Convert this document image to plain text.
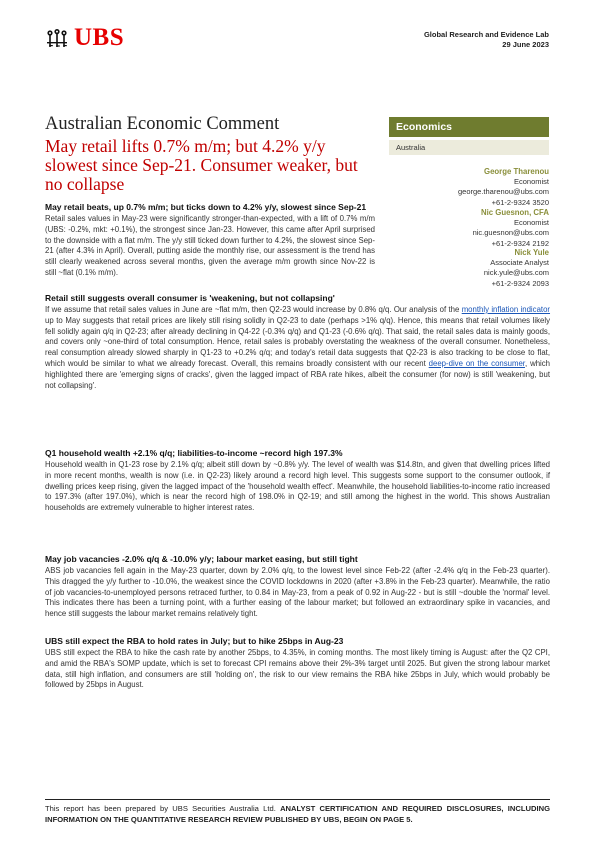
UBS	Global Research and Evidence Lab
29 June 2023
Australian Economic Comment
May retail lifts 0.7% m/m; but 4.2% y/y slowest since Sep-21. Consumer weaker, but no collapse
Economics
Australia
George Tharenou
Economist
george.tharenou@ubs.com
+61-2-9324 3520
Nic Guesnon, CFA
Economist
nic.guesnon@ubs.com
+61-2-9324 2192
Nick Yule
Associate Analyst
nick.yule@ubs.com
+61-2-9324 2093
May retail beats, up 0.7% m/m; but ticks down to 4.2% y/y, slowest since Sep-21
Retail sales values in May-23 were significantly stronger-than-expected, with a lift of 0.7% m/m (UBS: -0.2%, mkt: +0.1%), the strongest since Jan-23. However, this came after April surprised to the downside with a flat m/m. The y/y still ticked down further to 4.2%, the slowest since Sep-21 (after 4.3% in April). Overall, putting aside the monthly rise, our assessment is the trend has still clearly weakened across several months, given the average m/m growth since Nov-22 is still ~flat (0.1% m/m).
Retail still suggests overall consumer is 'weakening, but not collapsing'
If we assume that retail sales values in June are ~flat m/m, then Q2-23 would increase by 0.8% q/q. Our analysis of the monthly inflation indicator up to May suggests that retail prices are likely still rising solidly in Q2-23 to date (perhaps >1% q/q). Hence, this means that retail volumes likely fell solidly again q/q in Q2-23; after already declining in Q4-22 (-0.3% q/q) and Q1-23 (-0.6% q/q). That said, the retail sales data is mainly goods, and covers only ~one-third of total consumption. Hence, retail sales is probably overstating the weakness of the overall consumer. Nonetheless, real consumption already slowed sharply in Q1-23 to +0.2% q/q; and today's retail data suggests that Q2-23 is also tracking to be close to flat, which would be similar to what we already forecast. Overall, this remains broadly consistent with our recent deep-dive on the consumer, which highlighted there are 'emerging signs of cracks', given the lagged impact of RBA rate hikes, albeit the consumer (for now) is still 'weakening, but not collapsing'.
Q1 household wealth +2.1% q/q; liabilities-to-income ~record high 197.3%
Household wealth in Q1-23 rose by 2.1% q/q; albeit still down by ~0.8% y/y. The level of wealth was $14.8tn, and given that dwelling prices lifted in more recent months, wealth is now (i.e. in Q2-23) likely around a record high level. This suggests some support to the consumer outlook, if dwelling prices keep rising, given the lagged impact of the 'household wealth effect'. Meanwhile, the household liabilities-to-income ratio increased to 197.3% (after 197.0%), which is near the record high of 198.0% in Q2-19; and still among the highest in the world. This shows Australian households are extremely vulnerable to higher interest rates.
May job vacancies -2.0% q/q & -10.0% y/y; labour market easing, but still tight
ABS job vacancies fell again in the May-23 quarter, down by 2.0% q/q, to the lowest level since Feb-22 (after -2.4% q/q in the Feb-23 quarter). This dragged the y/y further to -10.0%, the weakest since the COVID lockdowns in 2020 (after +3.8% in the Feb-23 quarter). Meanwhile, the ratio of job vacancies-to-unemployed persons retraced further, to 0.84 in May-23, from a peak of 0.92 in Aug-22 - but is still ~double the 'normal' level. This indicates there has been a turning point, with a further easing of the labour market; but followed an extraordinary spike in vacancies, and hence still suggests the labour market remains relatively tight.
UBS still expect the RBA to hold rates in July; but to hike 25bps in Aug-23
UBS still expect the RBA to hike the cash rate by another 25bps, to 4.35%, in coming months. The most likely timing is August: after the Q2 CPI, and amid the RBA's SOMP update, which is set to forecast CPI remains above their 2%-3% target until 2025. But given the strong labour market data, still high inflation, and consumers are still 'holding on', the risk to our view remains the RBA hike 25bps in July, which would probably be followed by 25bps in August.
This report has been prepared by UBS Securities Australia Ltd. ANALYST CERTIFICATION AND REQUIRED DISCLOSURES, INCLUDING INFORMATION ON THE QUANTITATIVE RESEARCH REVIEW PUBLISHED BY UBS, BEGIN ON PAGE 5.
